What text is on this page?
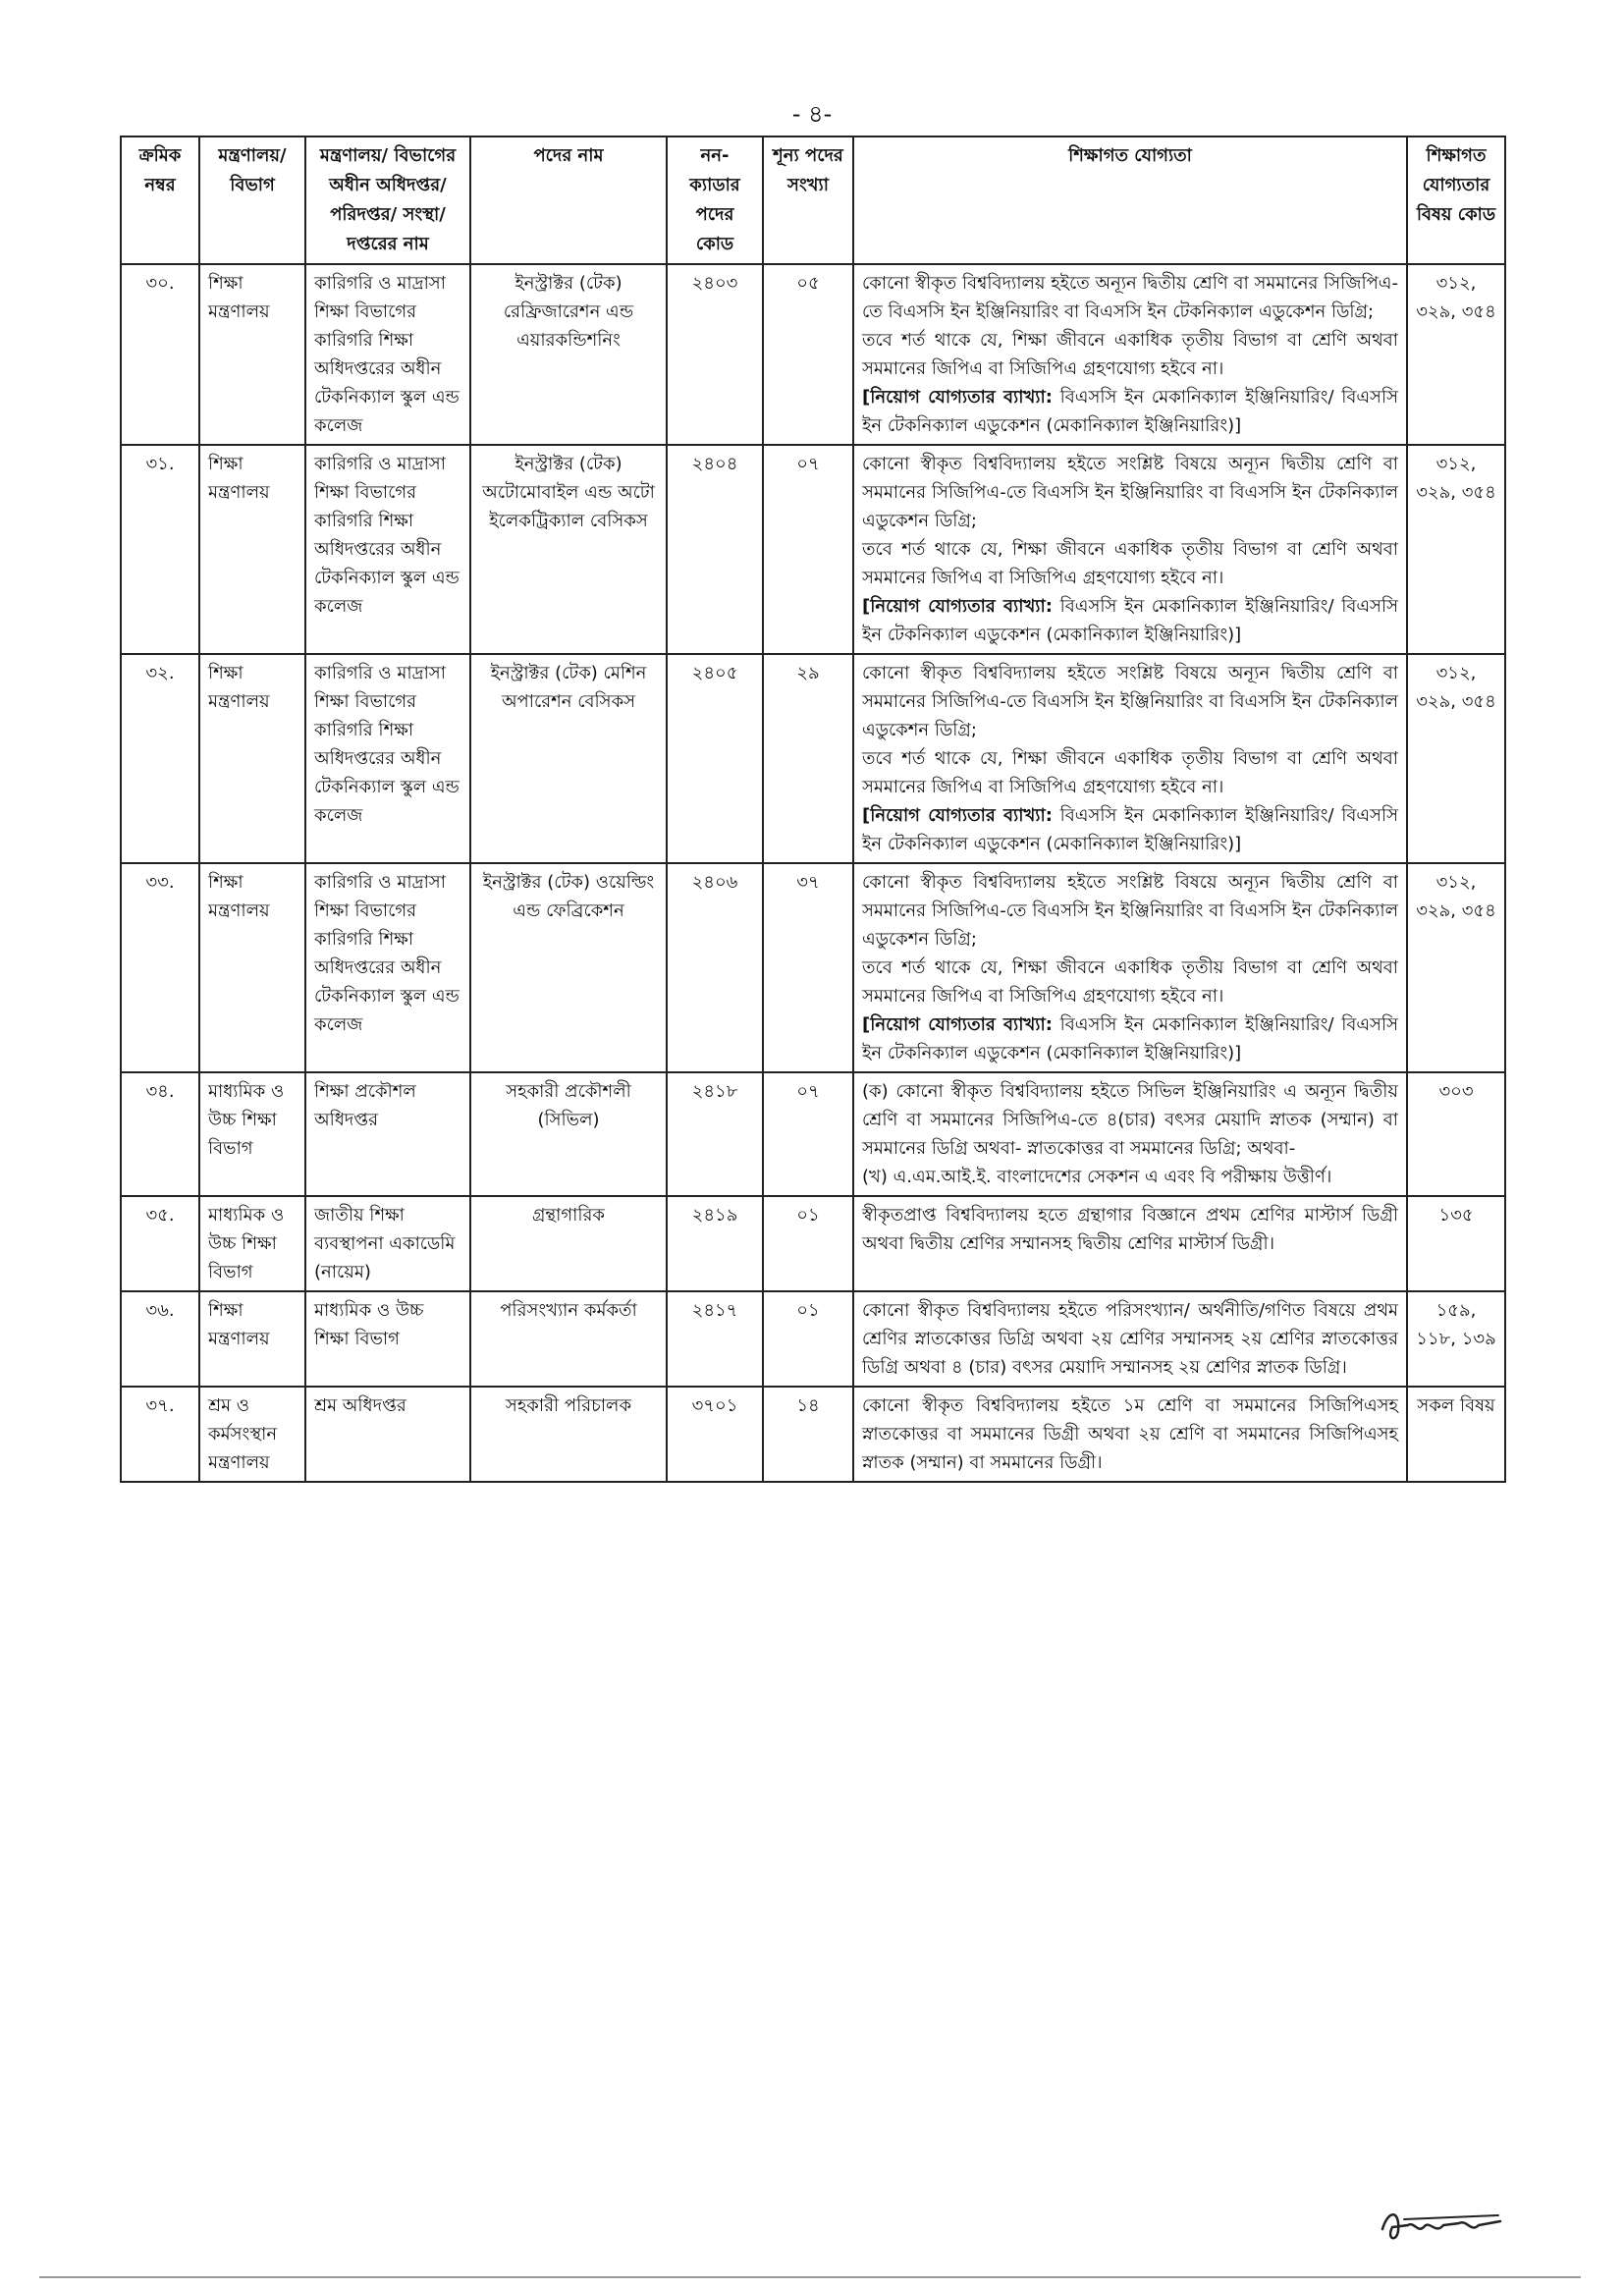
- ৪-
ক্রমিক নম্বর	মন্ত্রণালয়/ বিভাগ	মন্ত্রণালয়/ বিভাগের অধীন অধিদপ্তর/ পরিদপ্তর/ সংস্থা/ দপ্তরের নাম	পদের নাম	নন-ক্যাডার পদের কোড	শূন্য পদের সংখ্যা	শিক্ষাগত যোগ্যতা	শিক্ষাগত যোগ্যতার বিষয় কোড
৩০.	শিক্ষা মন্ত্রণালয়	কারিগরি ও মাদ্রাসা শিক্ষা বিভাগের কারিগরি শিক্ষা অধিদপ্তরের অধীন টেকনিক্যাল স্কুল এন্ড কলেজ	ইনস্ট্রাক্টর (টেক) রেফ্রিজারেশন এন্ড এয়ারকন্ডিশনিং	২৪০৩	০৫	কোনো স্বীকৃত বিশ্ববিদ্যালয় হইতে অন্যূন দ্বিতীয় শ্রেণি বা সমমানের সিজিপিএ-তে বিএসসি ইন ইঞ্জিনিয়ারিং বা বিএসসি ইন টেকনিক্যাল এডুকেশন ডিগ্রি;
তবে শর্ত থাকে যে, শিক্ষা জীবনে একাধিক তৃতীয় বিভাগ বা শ্রেণি অথবা সমমানের জিপিএ বা সিজিপিএ গ্রহণযোগ্য হইবে না।
[নিয়োগ যোগ্যতার ব্যাখ্যা: বিএসসি ইন মেকানিক্যাল ইঞ্জিনিয়ারিং/ বিএসসি ইন টেকনিক্যাল এডুকেশন (মেকানিক্যাল ইঞ্জিনিয়ারিং)]	৩১২, ৩২৯, ৩৫৪
৩১.	শিক্ষা মন্ত্রণালয়	কারিগরি ও মাদ্রাসা শিক্ষা বিভাগের কারিগরি শিক্ষা অধিদপ্তরের অধীন টেকনিক্যাল স্কুল এন্ড কলেজ	ইনস্ট্রাক্টর (টেক) অটোমোবাইল এন্ড অটো ইলেকট্রিক্যাল বেসিকস	২৪০৪	০৭	কোনো স্বীকৃত বিশ্ববিদ্যালয় হইতে সংশ্লিষ্ট বিষয়ে অন্যূন দ্বিতীয় শ্রেণি বা সমমানের সিজিপিএ-তে বিএসসি ইন ইঞ্জিনিয়ারিং বা বিএসসি ইন টেকনিক্যাল এডুকেশন ডিগ্রি;
তবে শর্ত থাকে যে, শিক্ষা জীবনে একাধিক তৃতীয় বিভাগ বা শ্রেণি অথবা সমমানের জিপিএ বা সিজিপিএ গ্রহণযোগ্য হইবে না।
[নিয়োগ যোগ্যতার ব্যাখ্যা: বিএসসি ইন মেকানিক্যাল ইঞ্জিনিয়ারিং/ বিএসসি ইন টেকনিক্যাল এডুকেশন (মেকানিক্যাল ইঞ্জিনিয়ারিং)]	৩১২, ৩২৯, ৩৫৪
৩২.	শিক্ষা মন্ত্রণালয়	কারিগরি ও মাদ্রাসা শিক্ষা বিভাগের কারিগরি শিক্ষা অধিদপ্তরের অধীন টেকনিক্যাল স্কুল এন্ড কলেজ	ইনস্ট্রাক্টর (টেক) মেশিন অপারেশন বেসিকস	২৪০৫	২৯	কোনো স্বীকৃত বিশ্ববিদ্যালয় হইতে সংশ্লিষ্ট বিষয়ে অন্যূন দ্বিতীয় শ্রেণি বা সমমানের সিজিপিএ-তে বিএসসি ইন ইঞ্জিনিয়ারিং বা বিএসসি ইন টেকনিক্যাল এডুকেশন ডিগ্রি;
তবে শর্ত থাকে যে, শিক্ষা জীবনে একাধিক তৃতীয় বিভাগ বা শ্রেণি অথবা সমমানের জিপিএ বা সিজিপিএ গ্রহণযোগ্য হইবে না।
[নিয়োগ যোগ্যতার ব্যাখ্যা: বিএসসি ইন মেকানিক্যাল ইঞ্জিনিয়ারিং/ বিএসসি ইন টেকনিক্যাল এডুকেশন (মেকানিক্যাল ইঞ্জিনিয়ারিং)]	৩১২, ৩২৯, ৩৫৪
৩৩.	শিক্ষা মন্ত্রণালয়	কারিগরি ও মাদ্রাসা শিক্ষা বিভাগের কারিগরি শিক্ষা অধিদপ্তরের অধীন টেকনিক্যাল স্কুল এন্ড কলেজ	ইনস্ট্রাক্টর (টেক) ওয়েল্ডিং এন্ড ফেব্রিকেশন	২৪০৬	৩৭	কোনো স্বীকৃত বিশ্ববিদ্যালয় হইতে সংশ্লিষ্ট বিষয়ে অন্যূন দ্বিতীয় শ্রেণি বা সমমানের সিজিপিএ-তে বিএসসি ইন ইঞ্জিনিয়ারিং বা বিএসসি ইন টেকনিক্যাল এডুকেশন ডিগ্রি;
তবে শর্ত থাকে যে, শিক্ষা জীবনে একাধিক তৃতীয় বিভাগ বা শ্রেণি অথবা সমমানের জিপিএ বা সিজিপিএ গ্রহণযোগ্য হইবে না।
[নিয়োগ যোগ্যতার ব্যাখ্যা: বিএসসি ইন মেকানিক্যাল ইঞ্জিনিয়ারিং/ বিএসসি ইন টেকনিক্যাল এডুকেশন (মেকানিক্যাল ইঞ্জিনিয়ারিং)]	৩১২, ৩২৯, ৩৫৪
৩৪.	মাধ্যমিক ও উচ্চ শিক্ষা বিভাগ	শিক্ষা প্রকৌশল অধিদপ্তর	সহকারী প্রকৌশলী (সিভিল)	২৪১৮	০৭	(ক) কোনো স্বীকৃত বিশ্ববিদ্যালয় হইতে সিভিল ইঞ্জিনিয়ারিং এ অন্যূন দ্বিতীয় শ্রেণি বা সমমানের সিজিপিএ-তে ৪(চার) বৎসর মেয়াদি স্নাতক (সম্মান) বা সমমানের ডিগ্রি অথবা- স্নাতকোত্তর বা সমমানের ডিগ্রি; অথবা-
(খ) এ.এম.আই.ই. বাংলাদেশের সেকশন এ এবং বি পরীক্ষায় উত্তীর্ণ।	৩০৩
৩৫.	মাধ্যমিক ও উচ্চ শিক্ষা বিভাগ	জাতীয় শিক্ষা ব্যবস্থাপনা একাডেমি (নায়েম)	গ্রন্থাগারিক	২৪১৯	০১	স্বীকৃতপ্রাপ্ত বিশ্ববিদ্যালয় হতে গ্রন্থাগার বিজ্ঞানে প্রথম শ্রেণির মাস্টার্স ডিগ্রী অথবা দ্বিতীয় শ্রেণির সম্মানসহ দ্বিতীয় শ্রেণির মাস্টার্স ডিগ্রী।	১৩৫
৩৬.	শিক্ষা মন্ত্রণালয়	মাধ্যমিক ও উচ্চ শিক্ষা বিভাগ	পরিসংখ্যান কর্মকর্তা	২৪১৭	০১	কোনো স্বীকৃত বিশ্ববিদ্যালয় হইতে পরিসংখ্যান/ অর্থনীতি/গণিত বিষয়ে প্রথম শ্রেণির স্নাতকোত্তর ডিগ্রি অথবা ২য় শ্রেণির সম্মানসহ ২য় শ্রেণির স্নাতকোত্তর ডিগ্রি অথবা ৪ (চার) বৎসর মেয়াদি সম্মানসহ ২য় শ্রেণির স্নাতক ডিগ্রি।	১৫৯, ১১৮, ১৩৯
৩৭.	শ্রম ও কর্মসংস্থান মন্ত্রণালয়	শ্রম অধিদপ্তর	সহকারী পরিচালক	৩৭০১	১৪	কোনো স্বীকৃত বিশ্ববিদ্যালয় হইতে ১ম শ্রেণি বা সমমানের সিজিপিএসহ স্নাতকোত্তর বা সমমানের ডিগ্রী অথবা ২য় শ্রেণি বা সমমানের সিজিপিএসহ স্নাতক (সম্মান) বা সমমানের ডিগ্রী।	সকল বিষয়
